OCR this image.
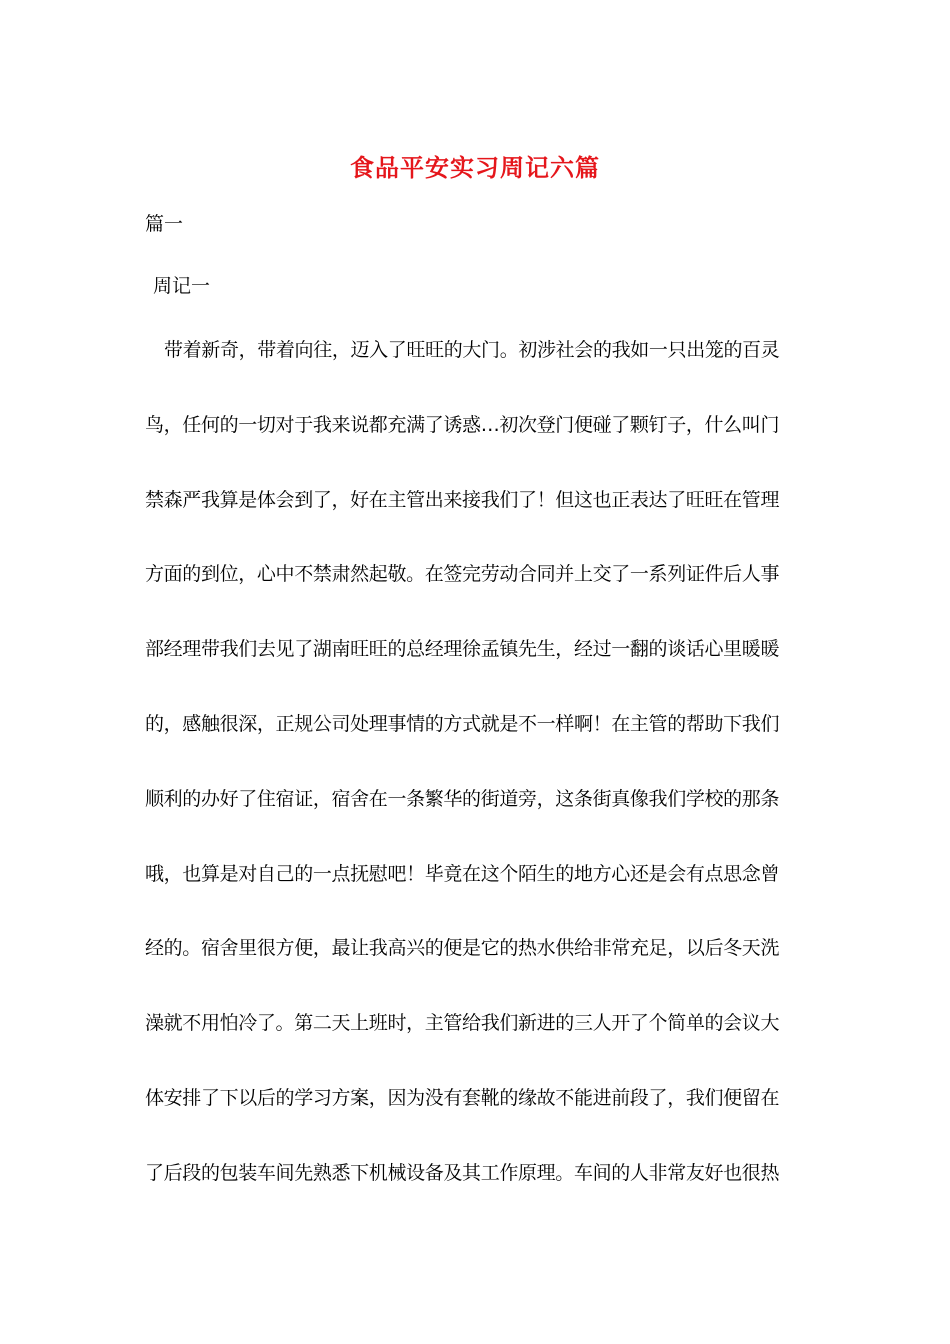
食品平安实习周记六篇
篇一
周记一
带着新奇，带着向往，迈入了旺旺的大门。初涉社会的我如一只出笼的百灵
鸟，任何的一切对于我来说都充满了诱惑…初次登门便碰了颗钉子，什么叫门
禁森严我算是体会到了，好在主管出来接我们了！但这也正表达了旺旺在管理
方面的到位，心中不禁肃然起敬。在签完劳动合同并上交了一系列证件后人事
部经理带我们去见了湖南旺旺的总经理徐孟镇先生，经过一翻的谈话心里暖暖
的，感触很深，正规公司处理事情的方式就是不一样啊！在主管的帮助下我们
顺利的办好了住宿证，宿舍在一条繁华的街道旁，这条街真像我们学校的那条
哦，也算是对自己的一点抚慰吧！毕竟在这个陌生的地方心还是会有点思念曾
经的。宿舍里很方便，最让我高兴的便是它的热水供给非常充足，以后冬天洗
澡就不用怕冷了。第二天上班时，主管给我们新进的三人开了个简单的会议大
体安排了下以后的学习方案，因为没有套靴的缘故不能进前段了，我们便留在
了后段的包装车间先熟悉下机械设备及其工作原理。车间的人非常友好也很热
